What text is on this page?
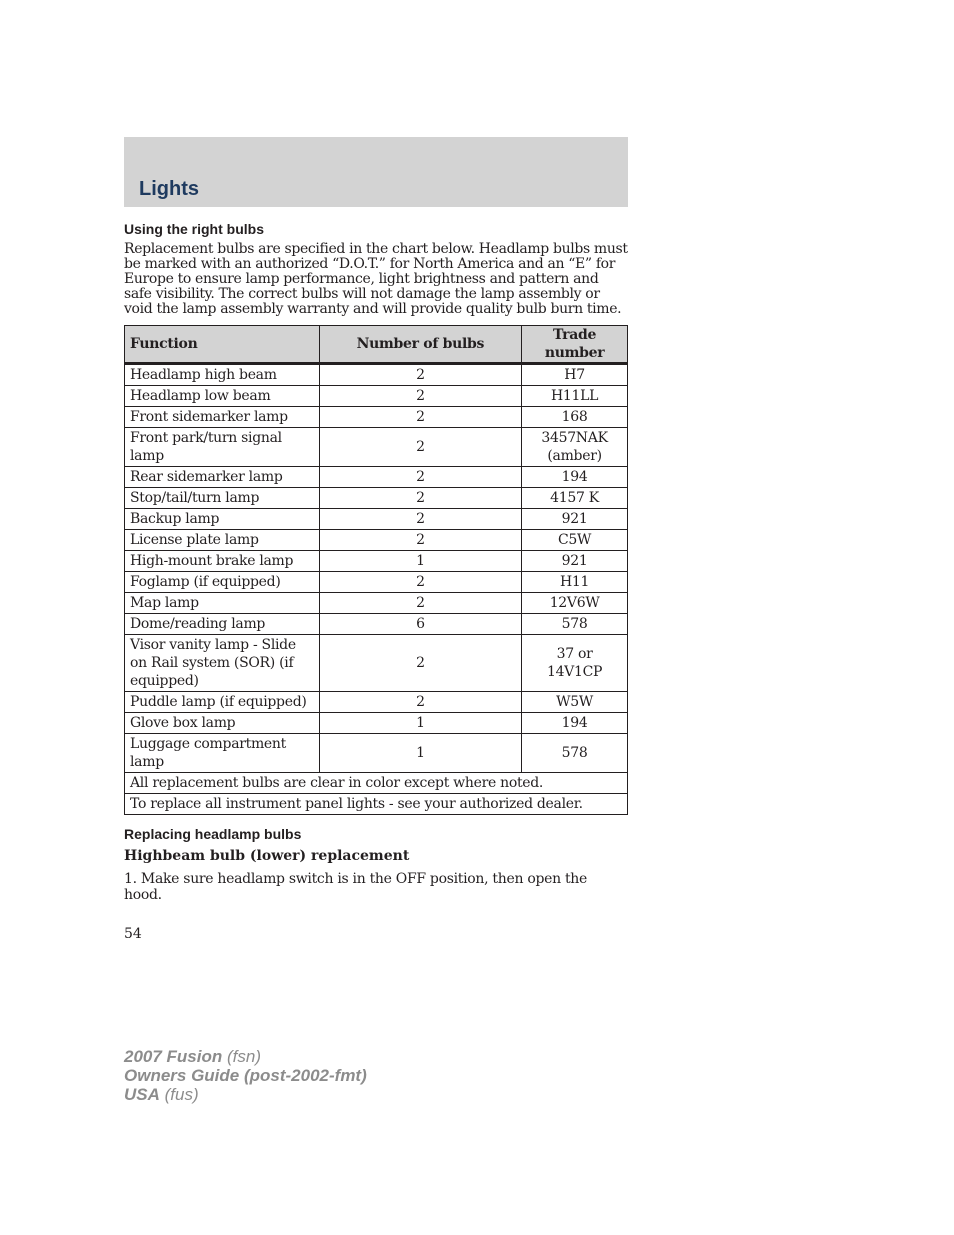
Lights
Using the right bulbs

Replacement bulbs are specified in the chart below. Headlamp bulbs must be marked with an authorized “D.O.T.” for North America and an “E” for Europe to ensure lamp performance, light brightness and pattern and safe visibility. The correct bulbs will not damage the lamp assembly or void the lamp assembly warranty and will provide quality bulb burn time.

Function	Number of bulbs	Trade number
Headlamp high beam	2	H7
Headlamp low beam	2	H11LL
Front sidemarker lamp	2	168
Front park/turn signal lamp	2	3457NAK (amber)
Rear sidemarker lamp	2	194
Stop/tail/turn lamp	2	4157 K
Backup lamp	2	921
License plate lamp	2	C5W
High-mount brake lamp	1	921
Foglamp (if equipped)	2	H11
Map lamp	2	12V6W
Dome/reading lamp	6	578
Visor vanity lamp - Slide on Rail system (SOR) (if equipped)	2	37 or 14V1CP
Puddle lamp (if equipped)	2	W5W
Glove box lamp	1	194
Luggage compartment lamp	1	578
All replacement bulbs are clear in color except where noted.		
To replace all instrument panel lights - see your authorized dealer.		
Replacing headlamp bulbs
Highbeam bulb (lower) replacement

1. Make sure headlamp switch is in the OFF position, then open the hood.

54
2007 Fusion (fsn)
Owners Guide (post-2002-fmt)
USA (fus)
